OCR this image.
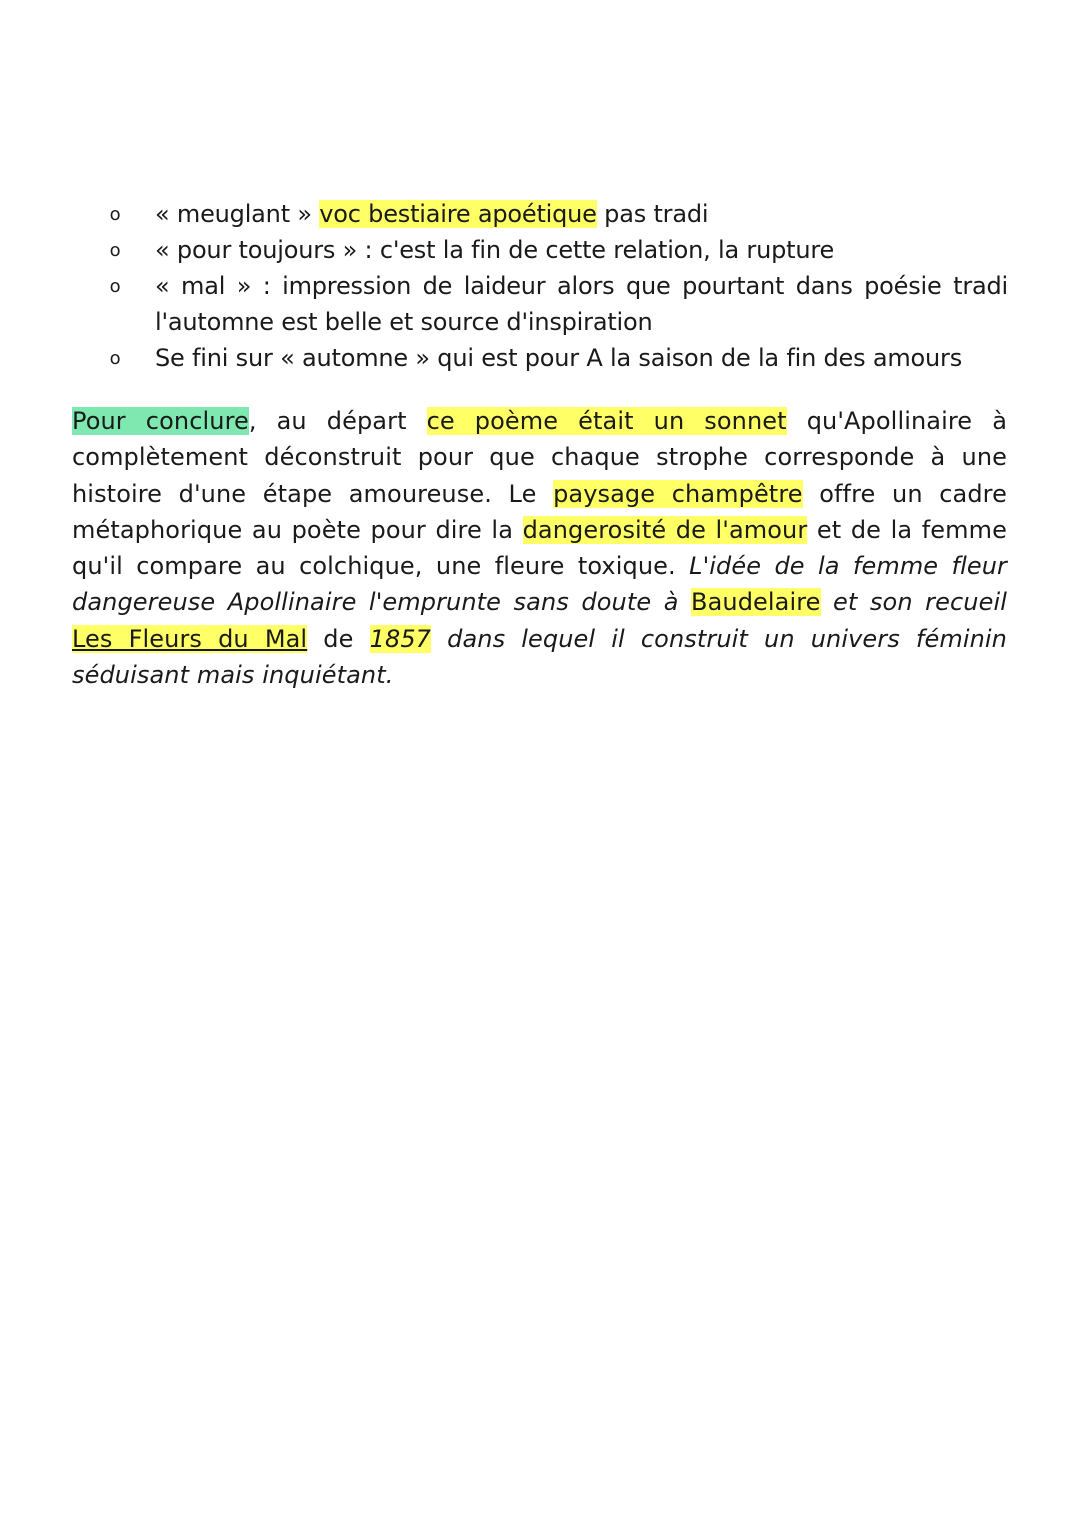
o « meuglant » voc bestiaire apoétique pas tradi
o « pour toujours » : c'est la fin de cette relation, la rupture
o « mal » : impression de laideur alors que pourtant dans poésie tradi l'automne est belle et source d'inspiration
o Se fini sur « automne » qui est pour A la saison de la fin des amours

Pour conclure, au départ ce poème était un sonnet qu'Apollinaire à complètement déconstruit pour que chaque strophe corresponde à une histoire d'une étape amoureuse. Le paysage champêtre offre un cadre métaphorique au poète pour dire la dangerosité de l'amour et de la femme qu'il compare au colchique, une fleure toxique. L'idée de la femme fleur dangereuse Apollinaire l'emprunte sans doute à Baudelaire et son recueil Les Fleurs du Mal de 1857 dans lequel il construit un univers féminin séduisant mais inquiétant.
